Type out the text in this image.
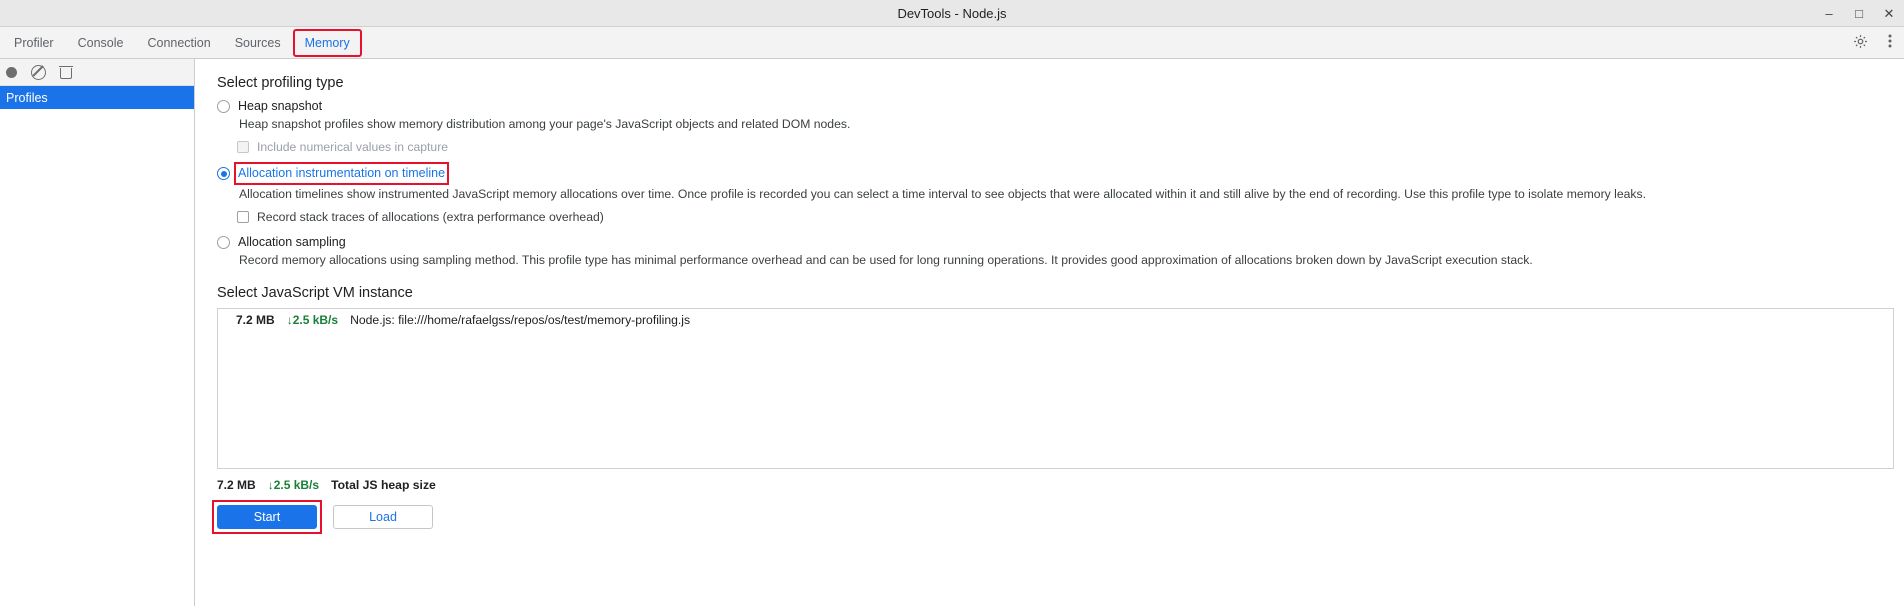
DevTools - Node.js	– □ ✕
Profiler	Console	Connection	Sources	Memory
Profiles
Select profiling type
Heap snapshot
Heap snapshot profiles show memory distribution among your page's JavaScript objects and related DOM nodes.
Include numerical values in capture
Allocation instrumentation on timeline
Allocation timelines show instrumented JavaScript memory allocations over time. Once profile is recorded you can select a time interval to see objects that were allocated within it and still alive by the end of recording. Use this profile type to isolate memory leaks.
Record stack traces of allocations (extra performance overhead)
Allocation sampling
Record memory allocations using sampling method. This profile type has minimal performance overhead and can be used for long running operations. It provides good approximation of allocations broken down by JavaScript execution stack.
Select JavaScript VM instance
7.2 MB ↓2.5 kB/s Node.js: file:///home/rafaelgss/repos/os/test/memory-profiling.js
7.2 MB ↓2.5 kB/s Total JS heap size
Start	Load
